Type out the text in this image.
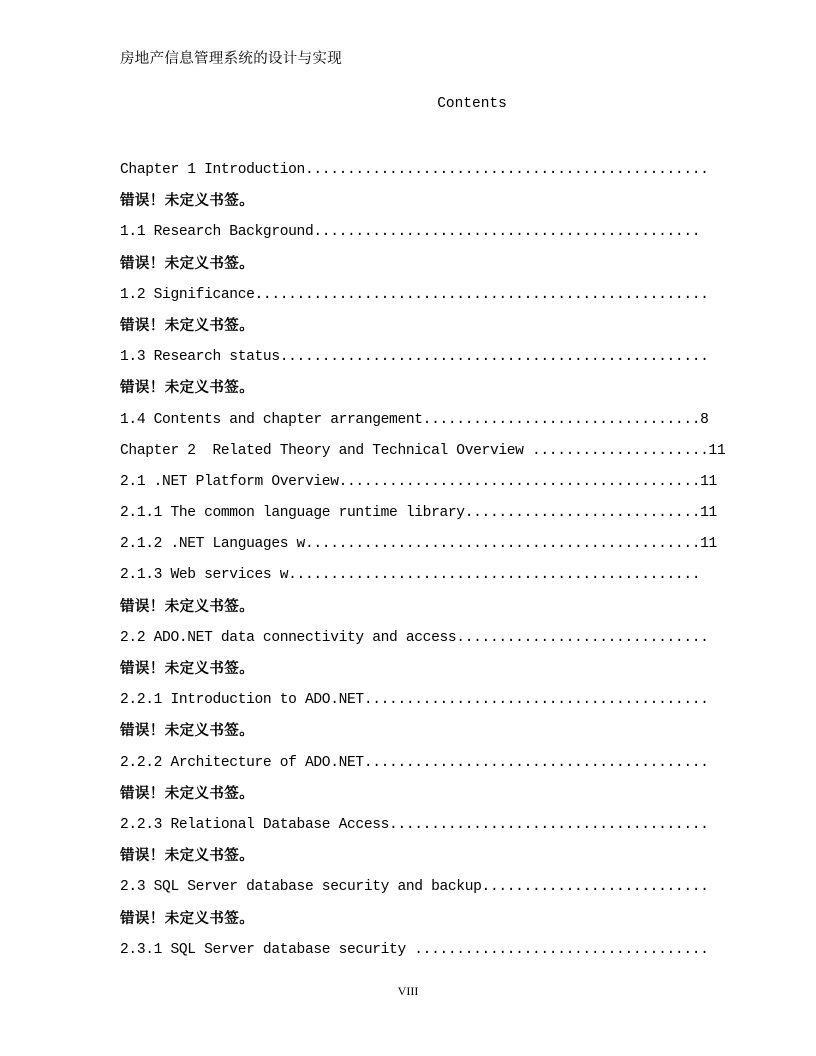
房地产信息管理系统的设计与实现
Contents
Chapter 1 Introduction................................................
错误！未定义书签。
1.1 Research Background..............................................
错误！未定义书签。
1.2 Significance......................................................
错误！未定义书签。
1.3 Research status...................................................
错误！未定义书签。
1.4 Contents and chapter arrangement.................................8
Chapter 2  Related Theory and Technical Overview .....................11
2.1 .NET Platform Overview...........................................11
2.1.1 The common language runtime library............................11
2.1.2 .NET Languages w...............................................11
2.1.3 Web services w.................................................
错误！未定义书签。
2.2 ADO.NET data connectivity and access..............................
错误！未定义书签。
2.2.1 Introduction to ADO.NET.........................................
错误！未定义书签。
2.2.2 Architecture of ADO.NET.........................................
错误！未定义书签。
2.2.3 Relational Database Access......................................
错误！未定义书签。
2.3 SQL Server database security and backup...........................
错误！未定义书签。
2.3.1 SQL Server database security ...................................
VIII
